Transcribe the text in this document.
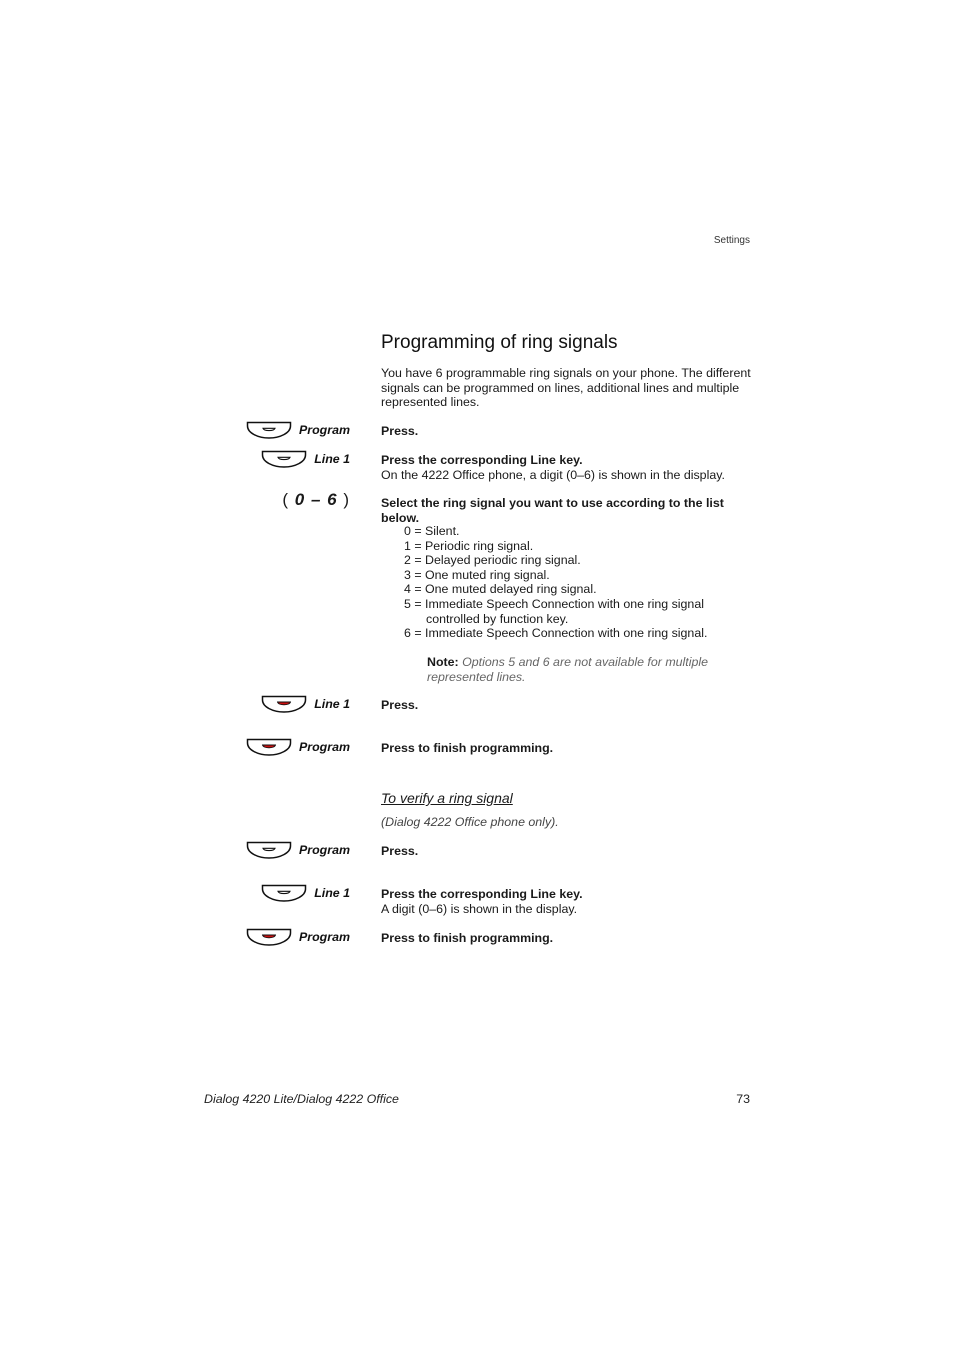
Settings
Programming of ring signals
You have 6 programmable ring signals on your phone. The different signals can be programmed on lines, additional lines and multiple represented lines.
Program	Press.
Line 1	Press the corresponding Line key.
On the 4222 Office phone, a digit (0–6) is shown in the display.
( 0 – 6 )	Select the ring signal you want to use according to the list below.
0 = Silent.
1 = Periodic ring signal.
2 = Delayed periodic ring signal.
3 = One muted ring signal.
4 = One muted delayed ring signal.
5 = Immediate Speech Connection with one ring signal controlled by function key.
6 = Immediate Speech Connection with one ring signal.
Note: Options 5 and 6 are not available for multiple represented lines.
Line 1	Press.
Program	Press to finish programming.
To verify a ring signal
(Dialog 4222 Office phone only).
Program	Press.
Line 1	Press the corresponding Line key.
A digit (0–6) is shown in the display.
Program	Press to finish programming.
Dialog 4220 Lite/Dialog 4222 Office	73
